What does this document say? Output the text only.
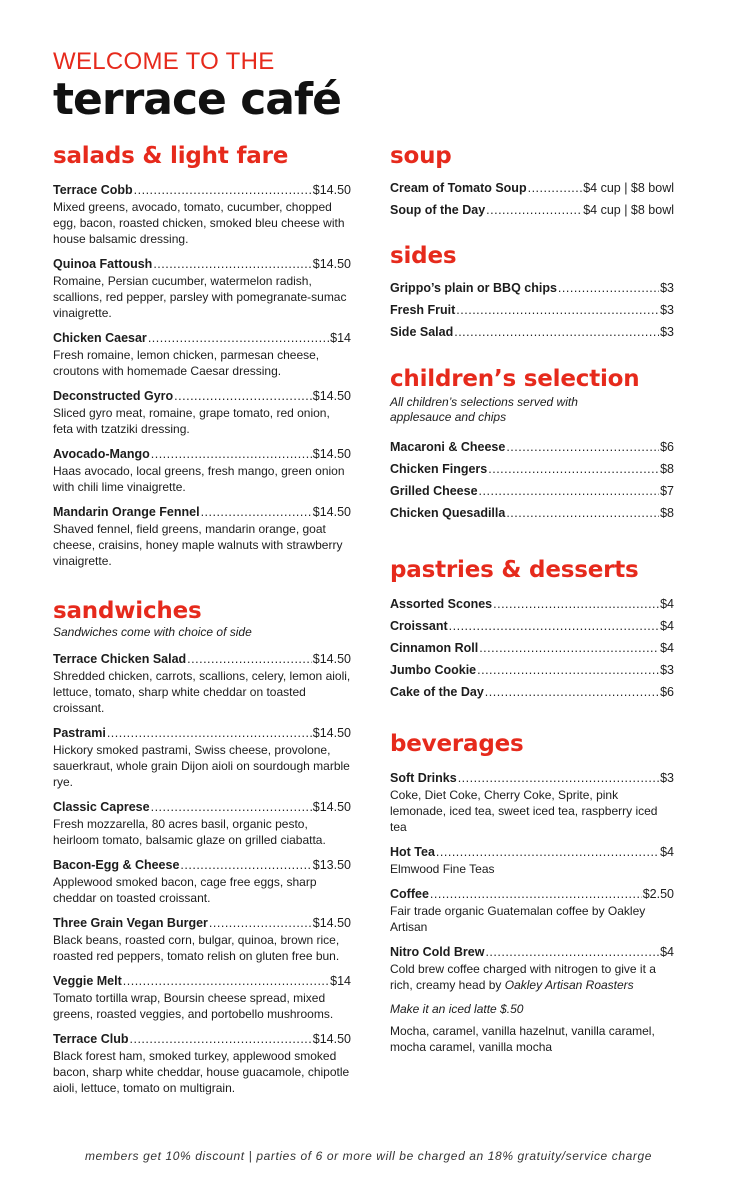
WELCOME TO THE
terrace café
salads & light fare
Terrace Cobb .....	$14.50
Mixed greens, avocado, tomato, cucumber, chopped egg, bacon, roasted chicken, smoked bleu cheese with house balsamic dressing.
Quinoa Fattoush .....	$14.50
Romaine, Persian cucumber, watermelon radish, scallions, red pepper, parsley with pomegranate-sumac vinaigrette.
Chicken Caesar .....	$14
Fresh romaine, lemon chicken, parmesan cheese, croutons with homemade Caesar dressing.
Deconstructed Gyro .....	$14.50
Sliced gyro meat, romaine, grape tomato, red onion, feta with tzatziki dressing.
Avocado-Mango .....	$14.50
Haas avocado, local greens, fresh mango, green onion with chili lime vinaigrette.
Mandarin Orange Fennel .....	$14.50
Shaved fennel, field greens, mandarin orange, goat cheese, craisins, honey maple walnuts with strawberry vinaigrette.
sandwiches
Sandwiches come with choice of side
Terrace Chicken Salad .....	$14.50
Shredded chicken, carrots, scallions, celery, lemon aioli, lettuce, tomato, sharp white cheddar on toasted croissant.
Pastrami .....	$14.50
Hickory smoked pastrami, Swiss cheese, provolone, sauerkraut, whole grain Dijon aioli on sourdough marble rye.
Classic Caprese .....	$14.50
Fresh mozzarella, 80 acres basil, organic pesto, heirloom tomato, balsamic glaze on grilled ciabatta.
Bacon-Egg & Cheese .....	$13.50
Applewood smoked bacon, cage free eggs, sharp cheddar on toasted croissant.
Three Grain Vegan Burger .....	$14.50
Black beans, roasted corn, bulgar, quinoa, brown rice, roasted red peppers, tomato relish on gluten free bun.
Veggie Melt .....	$14
Tomato tortilla wrap, Boursin cheese spread, mixed greens, roasted veggies, and portobello mushrooms.
Terrace Club .....	$14.50
Black forest ham, smoked turkey, applewood smoked bacon, sharp white cheddar, house guacamole, chipotle aioli, lettuce, tomato on multigrain.
soup
Cream of Tomato Soup .....	$4 cup | $8 bowl
Soup of the Day .....	$4 cup | $8 bowl
sides
Grippo’s plain or BBQ chips .....	$3
Fresh Fruit .....	$3
Side Salad .....	$3
children’s selection
All children’s selections served with applesauce and chips
Macaroni & Cheese .....	$6
Chicken Fingers .....	$8
Grilled Cheese .....	$7
Chicken Quesadilla .....	$8
pastries & desserts
Assorted Scones .....	$4
Croissant .....	$4
Cinnamon Roll .....	$4
Jumbo Cookie .....	$3
Cake of the Day .....	$6
beverages
Soft Drinks .....	$3
Coke, Diet Coke, Cherry Coke, Sprite, pink lemonade, iced tea, sweet iced tea, raspberry iced tea
Hot Tea .....	$4
Elmwood Fine Teas
Coffee .....	$2.50
Fair trade organic Guatemalan coffee by Oakley Artisan
Nitro Cold Brew .....	$4
Cold brew coffee charged with nitrogen to give it a rich, creamy head by Oakley Artisan Roasters
Make it an iced latte $.50
Mocha, caramel, vanilla hazelnut, vanilla caramel, mocha caramel, vanilla mocha
members get 10% discount | parties of 6 or more will be charged an 18% gratuity/service charge
